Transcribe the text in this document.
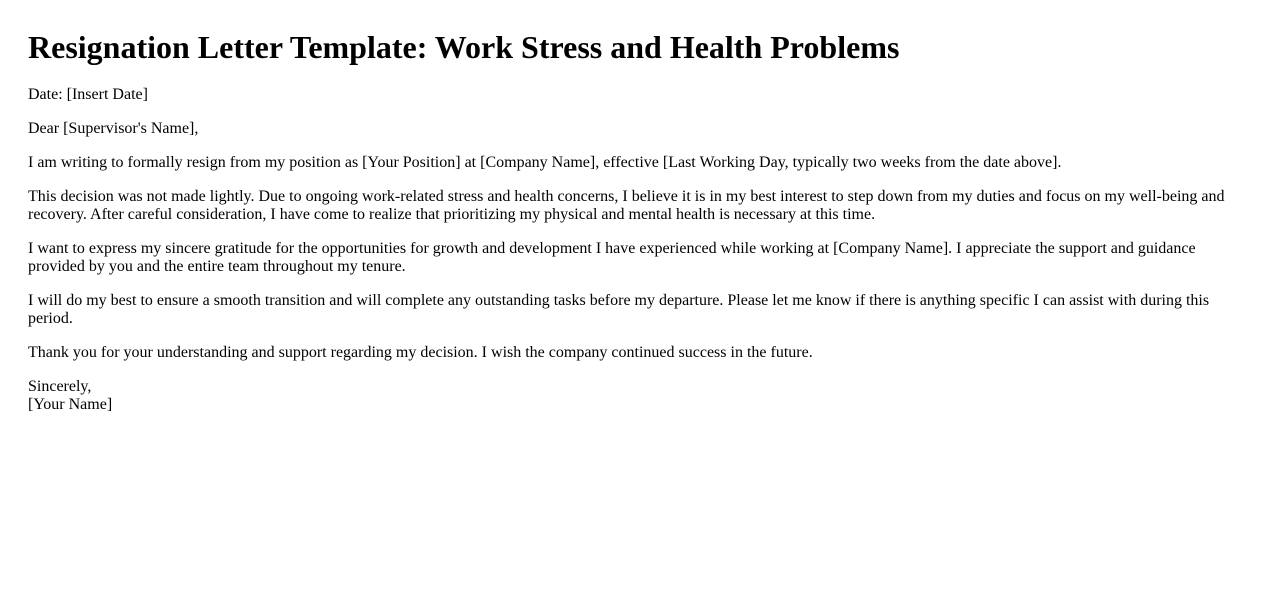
Resignation Letter Template: Work Stress and Health Problems

Date: [Insert Date]

Dear [Supervisor's Name],

I am writing to formally resign from my position as [Your Position] at [Company Name], effective [Last Working Day, typically two weeks from the date above].

This decision was not made lightly. Due to ongoing work-related stress and health concerns, I believe it is in my best interest to step down from my duties and focus on my well-being and recovery. After careful consideration, I have come to realize that prioritizing my physical and mental health is necessary at this time.

I want to express my sincere gratitude for the opportunities for growth and development I have experienced while working at [Company Name]. I appreciate the support and guidance provided by you and the entire team throughout my tenure.

I will do my best to ensure a smooth transition and will complete any outstanding tasks before my departure. Please let me know if there is anything specific I can assist with during this period.

Thank you for your understanding and support regarding my decision. I wish the company continued success in the future.

Sincerely,
[Your Name]
